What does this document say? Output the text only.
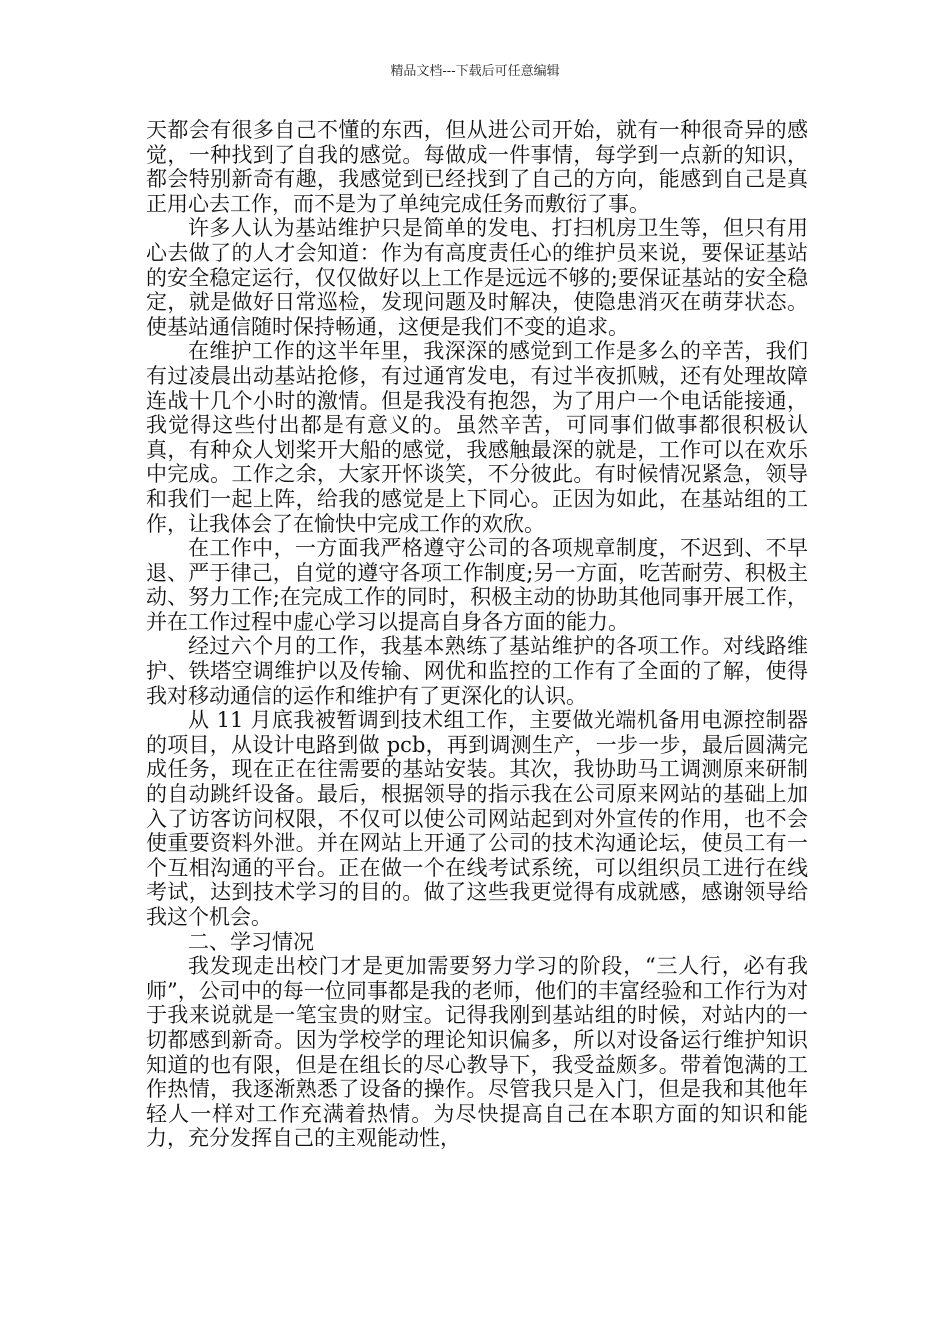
精品文档---下载后可任意编辑

天都会有很多自己不懂的东西，但从进公司开始，就有一种很奇异的感觉，一种找到了自我的感觉。每做成一件事情，每学到一点新的知识，都会特别新奇有趣，我感觉到已经找到了自己的方向，能感到自己是真正用心去工作，而不是为了单纯完成任务而敷衍了事。

许多人认为基站维护只是简单的发电、打扫机房卫生等，但只有用心去做了的人才会知道：作为有高度责任心的维护员来说，要保证基站的安全稳定运行，仅仅做好以上工作是远远不够的;要保证基站的安全稳定，就是做好日常巡检，发现问题及时解决，使隐患消灭在萌芽状态。使基站通信随时保持畅通，这便是我们不变的追求。

在维护工作的这半年里，我深深的感觉到工作是多么的辛苦，我们有过凌晨出动基站抢修，有过通宵发电，有过半夜抓贼，还有处理故障连战十几个小时的激情。但是我没有抱怨，为了用户一个电话能接通，我觉得这些付出都是有意义的。虽然辛苦，可同事们做事都很积极认真，有种众人划桨开大船的感觉，我感触最深的就是，工作可以在欢乐中完成。工作之余，大家开怀谈笑，不分彼此。有时候情况紧急，领导和我们一起上阵，给我的感觉是上下同心。正因为如此，在基站组的工作，让我体会了在愉快中完成工作的欢欣。

在工作中，一方面我严格遵守公司的各项规章制度，不迟到、不早退、严于律己，自觉的遵守各项工作制度;另一方面，吃苦耐劳、积极主动、努力工作;在完成工作的同时，积极主动的协助其他同事开展工作，并在工作过程中虚心学习以提高自身各方面的能力。

经过六个月的工作，我基本熟练了基站维护的各项工作。对线路维护、铁塔空调维护以及传输、网优和监控的工作有了全面的了解，使得我对移动通信的运作和维护有了更深化的认识。

从 11 月底我被暂调到技术组工作，主要做光端机备用电源控制器的项目，从设计电路到做 pcb，再到调测生产，一步一步，最后圆满完成任务，现在正在往需要的基站安装。其次，我协助马工调测原来研制的自动跳纤设备。最后，根据领导的指示我在公司原来网站的基础上加入了访客访问权限，不仅可以使公司网站起到对外宣传的作用，也不会使重要资料外泄。并在网站上开通了公司的技术沟通论坛，使员工有一个互相沟通的平台。正在做一个在线考试系统，可以组织员工进行在线考试，达到技术学习的目的。做了这些我更觉得有成就感，感谢领导给我这个机会。

二、学习情况

我发现走出校门才是更加需要努力学习的阶段，“三人行，必有我师”，公司中的每一位同事都是我的老师，他们的丰富经验和工作行为对于我来说就是一笔宝贵的财宝。记得我刚到基站组的时候，对站内的一切都感到新奇。因为学校学的理论知识偏多，所以对设备运行维护知识知道的也有限，但是在组长的尽心教导下，我受益颇多。带着饱满的工作热情，我逐渐熟悉了设备的操作。尽管我只是入门，但是我和其他年轻人一样对工作充满着热情。为尽快提高自己在本职方面的知识和能力，充分发挥自己的主观能动性，
